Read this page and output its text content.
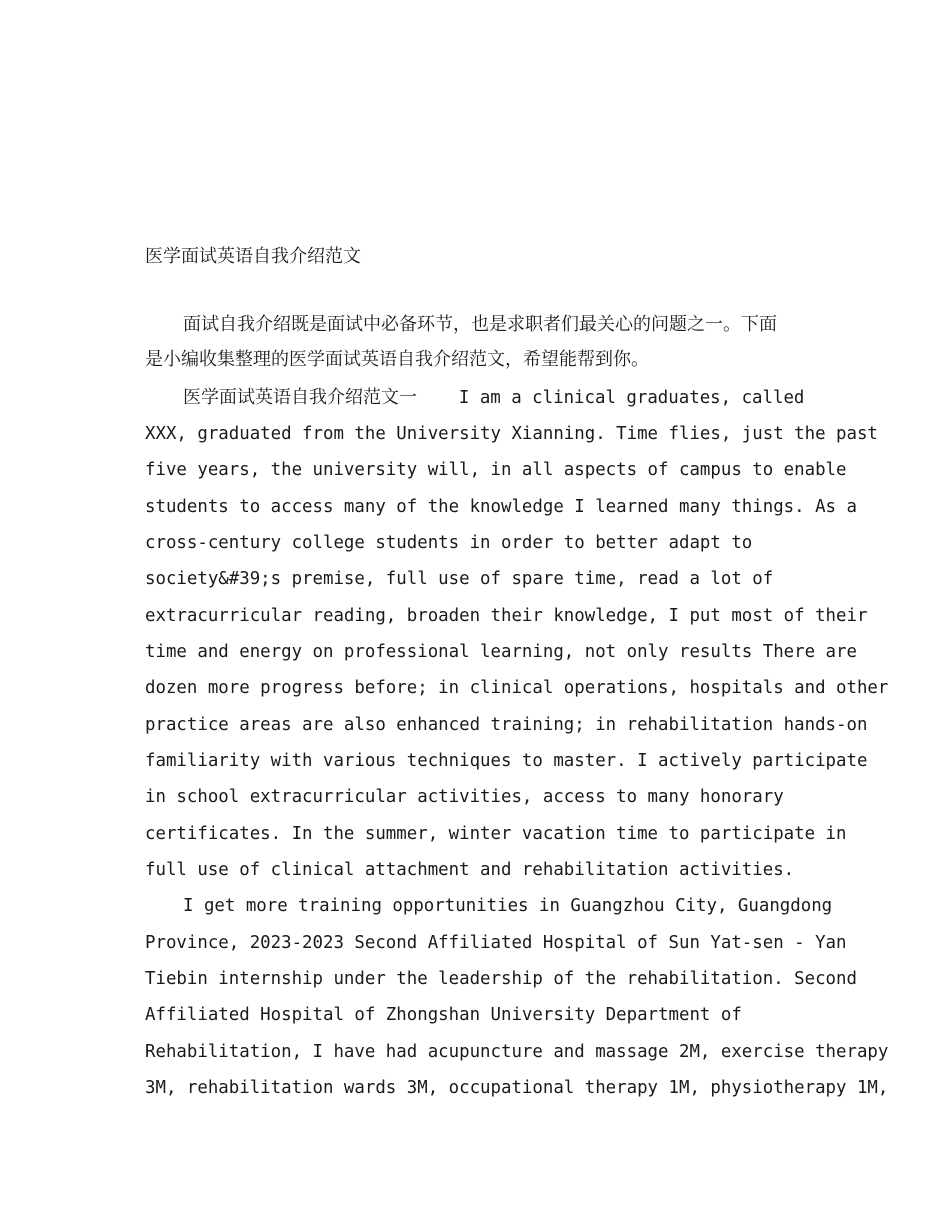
医学面试英语自我介绍范文
面试自我介绍既是面试中必备环节，也是求职者们最关心的问题之一。下面
是小编收集整理的医学面试英语自我介绍范文，希望能帮到你。
医学面试英语自我介绍范文一    I am a clinical graduates, called
XXX, graduated from the University Xianning. Time flies, just the past
five years, the university will, in all aspects of campus to enable
students to access many of the knowledge I learned many things. As a
cross-century college students in order to better adapt to
society&#39;s premise, full use of spare time, read a lot of
extracurricular reading, broaden their knowledge, I put most of their
time and energy on professional learning, not only results There are
dozen more progress before; in clinical operations, hospitals and other
practice areas are also enhanced training; in rehabilitation hands-on
familiarity with various techniques to master. I actively participate
in school extracurricular activities, access to many honorary
certificates. In the summer, winter vacation time to participate in
full use of clinical attachment and rehabilitation activities.
I get more training opportunities in Guangzhou City, Guangdong
Province, 2023-2023 Second Affiliated Hospital of Sun Yat-sen - Yan
Tiebin internship under the leadership of the rehabilitation. Second
Affiliated Hospital of Zhongshan University Department of
Rehabilitation, I have had acupuncture and massage 2M, exercise therapy
3M, rehabilitation wards 3M, occupational therapy 1M, physiotherapy 1M,
